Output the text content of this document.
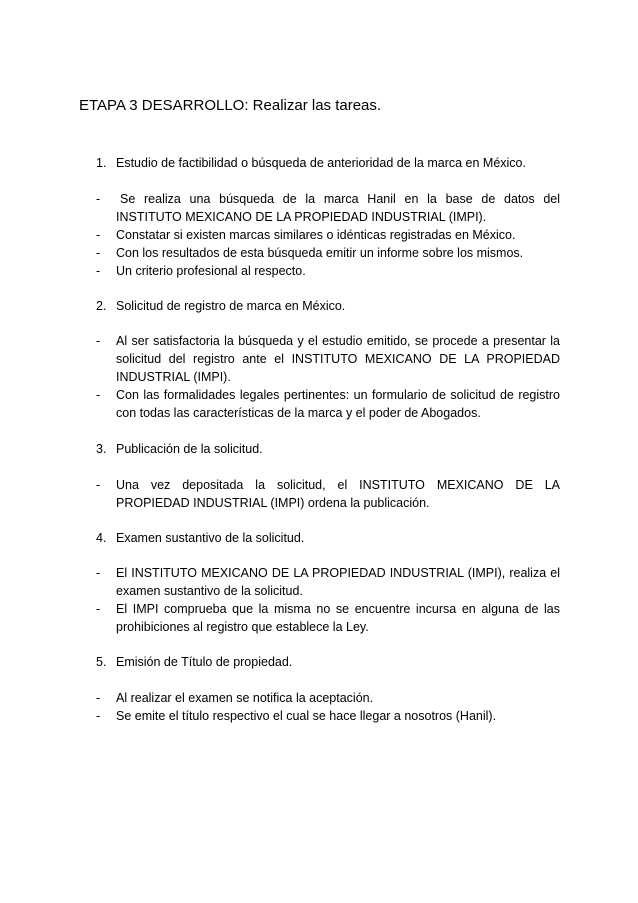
ETAPA 3 DESARROLLO: Realizar las tareas.
1. Estudio de factibilidad o búsqueda de anterioridad de la marca en México.
-	Se realiza una búsqueda de la marca Hanil en la base de datos del INSTITUTO MEXICANO DE LA PROPIEDAD INDUSTRIAL (IMPI).
- Constatar si existen marcas similares o idénticas registradas en México.
- Con los resultados de esta búsqueda emitir un informe sobre los mismos.
- Un criterio profesional al respecto.
2. Solicitud de registro de marca en México.
- Al ser satisfactoria la búsqueda y el estudio emitido, se procede a presentar la solicitud del registro ante el INSTITUTO MEXICANO DE LA PROPIEDAD INDUSTRIAL (IMPI).
- Con las formalidades legales pertinentes: un formulario de solicitud de registro con todas las características de la marca y el poder de Abogados.
3. Publicación de la solicitud.
- Una vez depositada la solicitud, el INSTITUTO MEXICANO DE LA PROPIEDAD INDUSTRIAL (IMPI) ordena la publicación.
4. Examen sustantivo de la solicitud.
- El INSTITUTO MEXICANO DE LA PROPIEDAD INDUSTRIAL (IMPI), realiza el examen sustantivo de la solicitud.
- El IMPI comprueba que la misma no se encuentre incursa en alguna de las prohibiciones al registro que establece la Ley.
5. Emisión de Título de propiedad.
- Al realizar el examen se notifica la aceptación.
- Se emite el título respectivo el cual se hace llegar a nosotros (Hanil).
